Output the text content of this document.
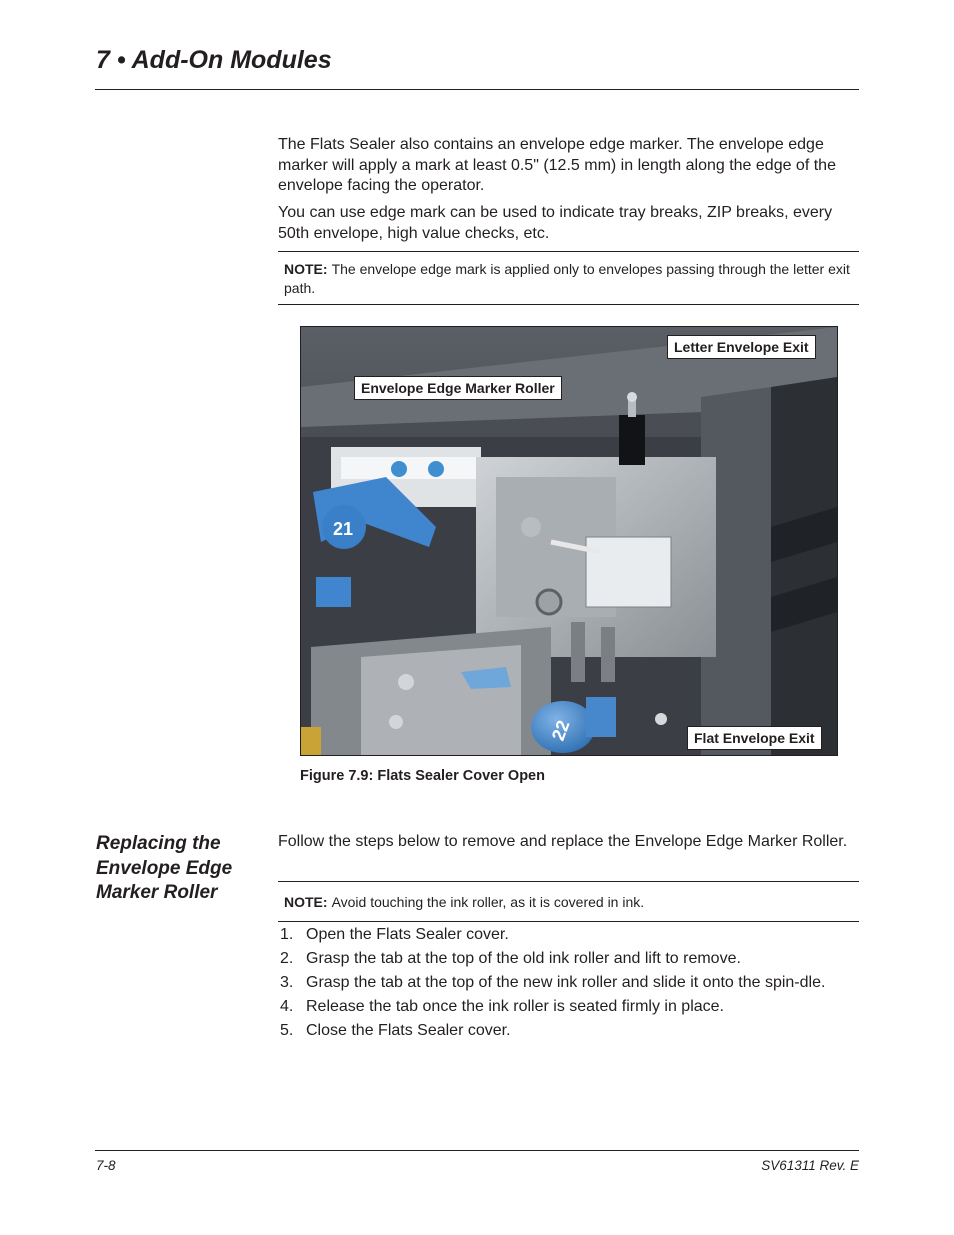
7 • Add-On Modules

The Flats Sealer also contains an envelope edge marker. The envelope edge marker will apply a mark at least 0.5" (12.5 mm) in length along the edge of the envelope facing the operator.

You can use edge mark can be used to indicate tray breaks, ZIP breaks, every 50th envelope, high value checks, etc.

NOTE: The envelope edge mark is applied only to envelopes passing through the letter exit path.
21
22
Letter Envelope Exit
Envelope Edge Marker Roller
Flat Envelope Exit

Figure 7.9: Flats Sealer Cover Open

Replacing the Envelope Edge Marker Roller

Follow the steps below to remove and replace the Envelope Edge Marker Roller.

NOTE: Avoid touching the ink roller, as it is covered in ink.
1. Open the Flats Sealer cover.
2. Grasp the tab at the top of the old ink roller and lift to remove.
3. Grasp the tab at the top of the new ink roller and slide it onto the spin-dle.
4. Release the tab once the ink roller is seated firmly in place.
5. Close the Flats Sealer cover.
7-8	SV61311 Rev. E
